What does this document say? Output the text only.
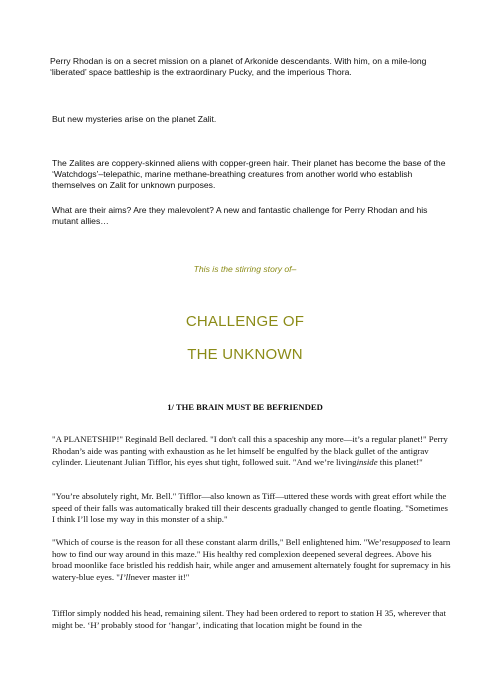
Perry Rhodan is on a secret mission on a planet of Arkonide descendants. With him, on a mile-long ‘liberated’ space battleship is the extraordinary Pucky, and the imperious Thora.

But new mysteries arise on the planet Zalit.

The Zalites are coppery-skinned aliens with copper-green hair. Their planet has become the base of the ‘Watchdogs’–telepathic, marine methane-breathing creatures from another world who establish themselves on Zalit for unknown purposes.

What are their aims? Are they malevolent? A new and fantastic challenge for Perry Rhodan and his mutant allies…

This is the stirring story of–

CHALLENGE OF

THE UNKNOWN

1/ THE BRAIN MUST BE BEFRIENDED

"A PLANETSHIP!" Reginald Bell declared. "I don't call this a spaceship any more—it’s a regular planet!" Perry Rhodan’s aide was panting with exhaustion as he let himself be engulfed by the black gullet of the antigrav cylinder. Lieutenant Julian Tifflor, his eyes shut tight, followed suit. "And we’re livinginside this planet!"

"You’re absolutely right, Mr. Bell." Tifflor—also known as Tiff—uttered these words with great effort while the speed of their falls was automatically braked till their descents gradually changed to gentle floating. "Sometimes I think I’ll lose my way in this monster of a ship."

"Which of course is the reason for all these constant alarm drills," Bell enlightened him. "We’resupposed to learn how to find our way around in this maze." His healthy red complexion deepened several degrees. Above his broad moonlike face bristled his reddish hair, while anger and amusement alternately fought for supremacy in his watery-blue eyes. "I’llnever master it!"

Tifflor simply nodded his head, remaining silent. They had been ordered to report to station H 35, wherever that might be. ‘H’ probably stood for ‘hangar’, indicating that location might be found in the
